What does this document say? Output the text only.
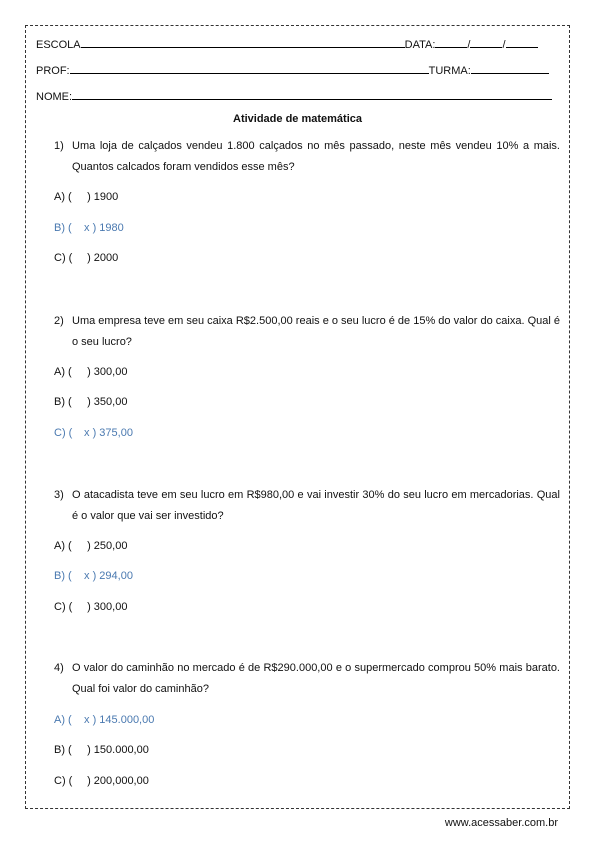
ESCOLA	DATA:	/	/
PROF:	TURMA:
NOME:
Atividade de matemática
1) Uma loja de calçados vendeu 1.800 calçados no mês passado, neste mês vendeu 10% a mais. Quantos calcados foram vendidos esse mês?
A) ( ) 1900
B) ( x ) 1980
C) ( ) 2000
2) Uma empresa teve em seu caixa R$2.500,00 reais e o seu lucro é de 15% do valor do caixa. Qual é o seu lucro?
A) ( ) 300,00
B) ( ) 350,00
C) ( x ) 375,00
3) O atacadista teve em seu lucro em R$980,00 e vai investir 30% do seu lucro em mercadorias. Qual é o valor que vai ser investido?
A) ( ) 250,00
B) ( x ) 294,00
C) ( ) 300,00
4) O valor do caminhão no mercado é de R$290.000,00 e o supermercado comprou 50% mais barato. Qual foi valor do caminhão?
A) ( x ) 145.000,00
B) ( ) 150.000,00
C) ( ) 200,000,00
www.acessaber.com.br
